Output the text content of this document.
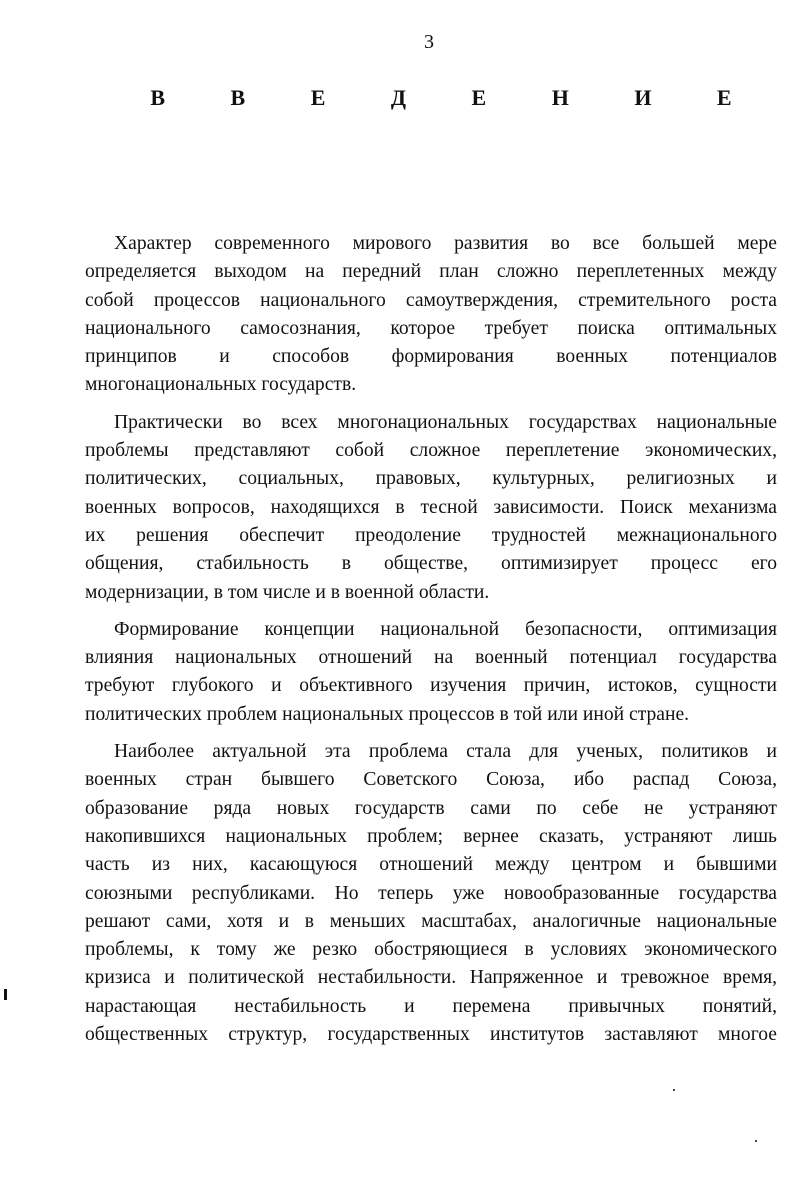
3
В В Е Д Е Н И Е

Характер современного мирового развития во все большей мере
определяется выходом на передний план сложно переплетенных между
собой процессов национального самоутверждения, стремительного роста
национального самосознания, которое требует поиска оптимальных
принципов и способов формирования военных потенциалов
многонациональных государств.

Практически во всех многонациональных государствах национальные
проблемы представляют собой сложное переплетение экономических,
политических, социальных, правовых, культурных, религиозных и
военных вопросов, находящихся в тесной зависимости. Поиск механизма
их решения обеспечит преодоление трудностей межнационального
общения, стабильность в обществе, оптимизирует процесс его
модернизации, в том числе и в военной области.

Формирование концепции национальной безопасности, оптимизация
влияния национальных отношений на военный потенциал государства
требуют глубокого и объективного изучения причин, истоков, сущности
политических проблем национальных процессов в той или иной стране.

Наиболее актуальной эта проблема стала для ученых, политиков и
военных стран бывшего Советского Союза, ибо распад Союза,
образование ряда новых государств сами по себе не устраняют
накопившихся национальных проблем; вернее сказать, устраняют лишь
часть из них, касающуюся отношений между центром и бывшими
союзными республиками. Но теперь уже новообразованные государства
решают сами, хотя и в меньших масштабах, аналогичные национальные
проблемы, к тому же резко обостряющиеся в условиях экономического
кризиса и политической нестабильности. Напряженное и тревожное время,
нарастающая нестабильность и перемена привычных понятий,
общественных структур, государственных институтов заставляют многое
